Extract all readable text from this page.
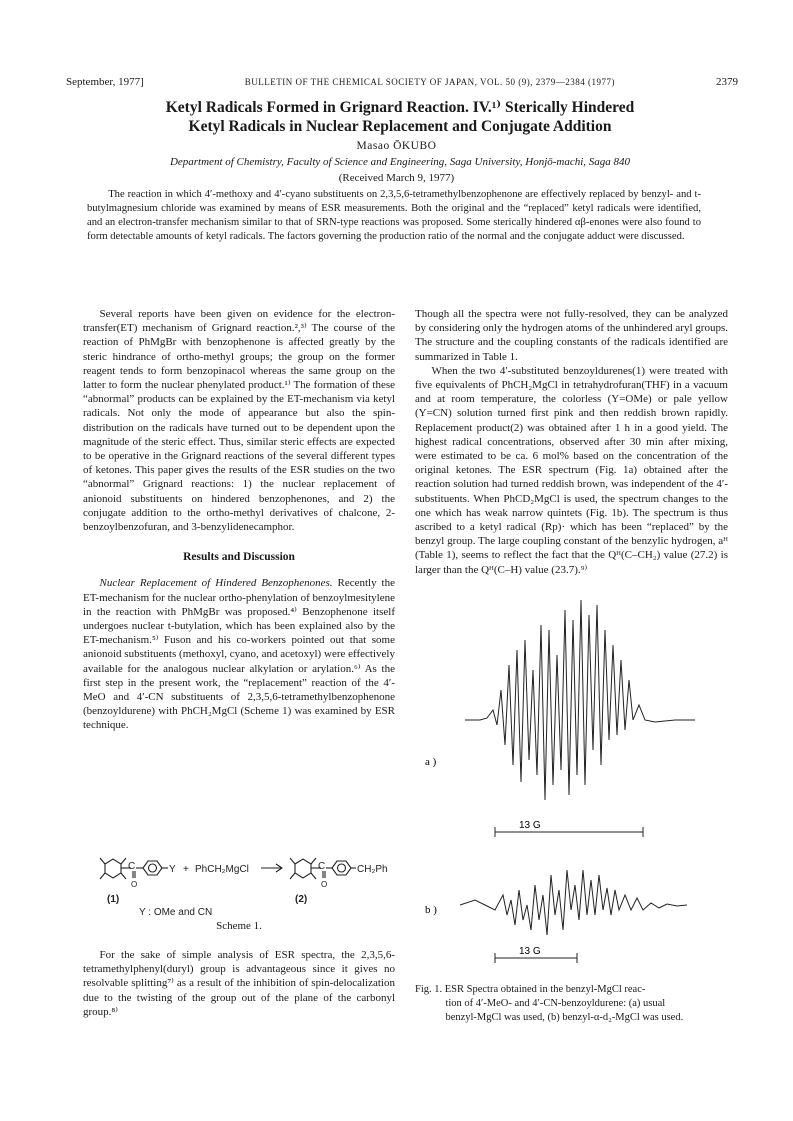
September, 1977]	BULLETIN OF THE CHEMICAL SOCIETY OF JAPAN, VOL. 50 (9), 2379—2384 (1977)	2379
Ketyl Radicals Formed in Grignard Reaction. IV.¹⁾ Sterically Hindered
Ketyl Radicals in Nuclear Replacement and Conjugate Addition
Masao ŌKUBO
Department of Chemistry, Faculty of Science and Engineering, Saga University, Honjō-machi, Saga 840
(Received March 9, 1977)
The reaction in which 4′-methoxy and 4′-cyano substituents on 2,3,5,6-tetramethylbenzophenone are effectively replaced by benzyl- and t-butylmagnesium chloride was examined by means of ESR measurements. Both the original and the “replaced” ketyl radicals were identified, and an electron-transfer mechanism similar to that of SRN-type reactions was proposed. Some sterically hindered αβ-enones were also found to form detectable amounts of ketyl radicals. The factors governing the production ratio of the normal and the conjugate adduct were discussed.

Several reports have been given on evidence for the electron-transfer(ET) mechanism of Grignard reaction.²,³⁾ The course of the reaction of PhMgBr with benzophenone is affected greatly by the steric hindrance of ortho-methyl groups; the group on the former reagent tends to form benzopinacol whereas the same group on the latter to form the nuclear phenylated product.¹⁾ The formation of these “abnormal” products can be explained by the ET-mechanism via ketyl radicals. Not only the mode of appearance but also the spin-distribution on the radicals have turned out to be dependent upon the magnitude of the steric effect. Thus, similar steric effects are expected to be operative in the Grignard reactions of the several different types of ketones. This paper gives the results of the ESR studies on the two “abnormal” Grignard reactions: 1) the nuclear replacement of anionoid substituents on hindered benzophenones, and 2) the conjugate addition to the ortho-methyl derivatives of chalcone, 2-benzoylbenzofuran, and 3-benzylidenecamphor.

Results and Discussion

Nuclear Replacement of Hindered Benzophenones. Recently the ET-mechanism for the nuclear ortho-phenylation of benzoylmesitylene in the reaction with PhMgBr was proposed.⁴⁾ Benzophenone itself undergoes nuclear t-butylation, which has been explained also by the ET-mechanism.⁵⁾ Fuson and his co-workers pointed out that some anionoid substituents (methoxyl, cyano, and acetoxyl) were effectively available for the analogous nuclear alkylation or arylation.⁶⁾ As the first step in the present work, the “replacement” reaction of the 4′-MeO and 4′-CN substituents of 2,3,5,6-tetramethylbenzophenone (benzoyldurene) with PhCH₂MgCl (Scheme 1) was examined by ESR technique.

C
O
Y + PhCH₂MgCl	C
O
CH₂Ph
(1)	(2)
Y : OMe and CN
Scheme 1.

For the sake of simple analysis of ESR spectra, the 2,3,5,6-tetramethylphenyl(duryl) group is advantageous since it gives no resolvable splitting⁷⁾ as a result of the inhibition of spin-delocalization due to the twisting of the group out of the plane of the carbonyl group.⁸⁾

Though all the spectra were not fully-resolved, they can be analyzed by considering only the hydrogen atoms of the unhindered aryl groups. The structure and the coupling constants of the radicals identified are summarized in Table 1.

When the two 4′-substituted benzoyldurenes(1) were treated with five equivalents of PhCH₂MgCl in tetrahydrofuran(THF) in a vacuum and at room temperature, the colorless (Y=OMe) or pale yellow (Y=CN) solution turned first pink and then reddish brown rapidly. Replacement product(2) was obtained after 1 h in a good yield. The highest radical concentrations, observed after 30 min after mixing, were estimated to be ca. 6 mol% based on the concentration of the original ketones. The ESR spectrum (Fig. 1a) obtained after the reaction solution had turned reddish brown, was independent of the 4′-substituents. When PhCD₂MgCl is used, the spectrum changes to the one which has weak narrow quintets (Fig. 1b). The spectrum is thus ascribed to a ketyl radical (Rp)· which has been “replaced” by the benzyl group. The large coupling constant of the benzylic hydrogen, aᴴ (Table 1), seems to reflect the fact that the Qᴴ(C–CH₂) value (27.2) is larger than the Qᴴ(C–H) value (23.7).⁹⁾

a )
13 G
b )
13 G
Fig. 1. ESR Spectra obtained in the benzyl-MgCl reac-
tion of 4′-MeO- and 4′-CN-benzoyldurene: (a) usual
benzyl-MgCl was used, (b) benzyl-α-d₂-MgCl was used.
